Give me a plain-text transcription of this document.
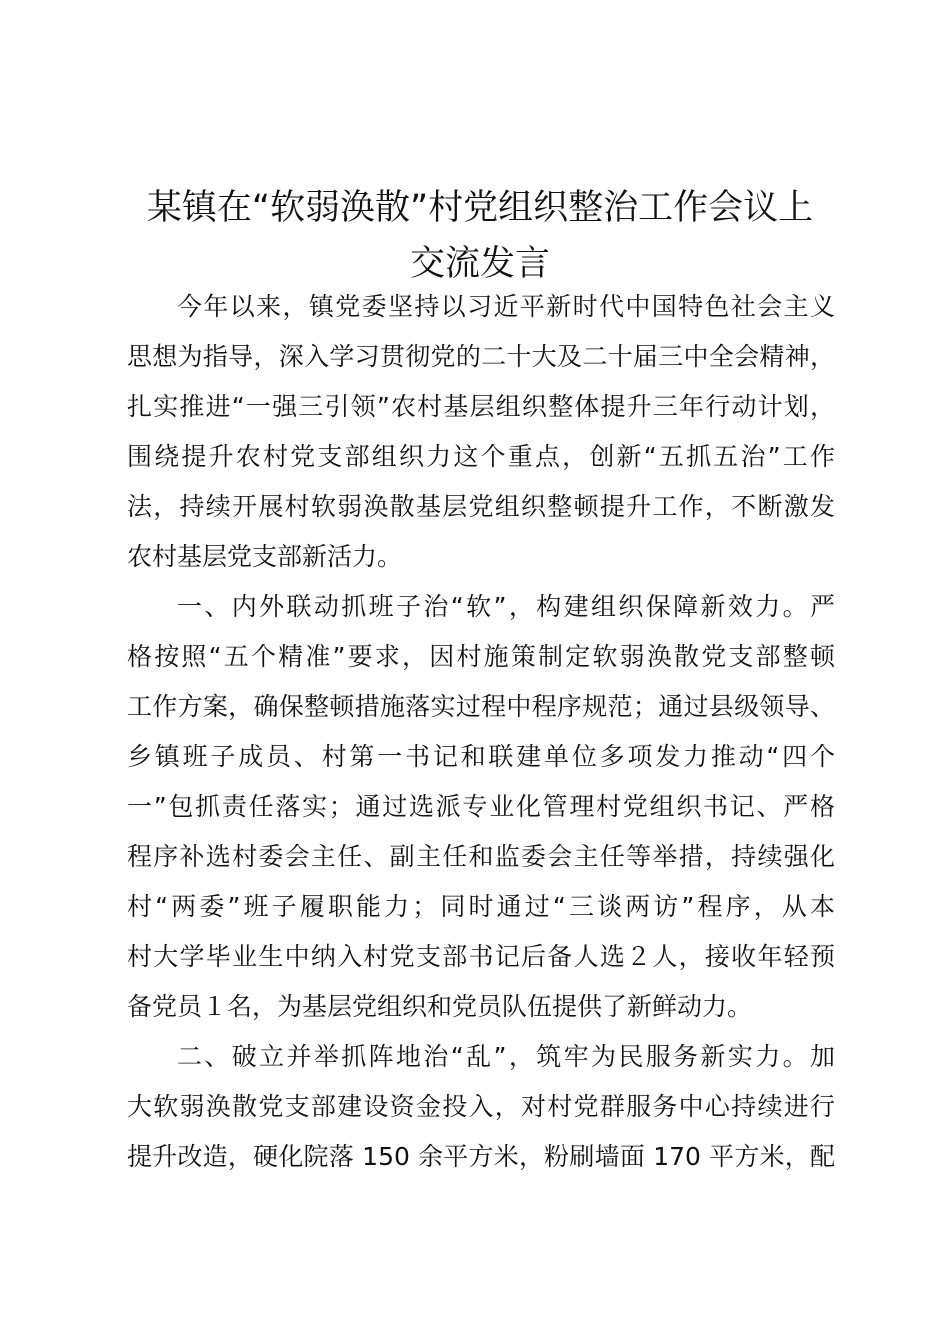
某镇在“软弱涣散”村党组织整治工作会议上
交流发言

今年以来，镇党委坚持以习近平新时代中国特色社会主义
思想为指导，深入学习贯彻党的二十大及二十届三中全会精神，
扎实推进“一强三引领”农村基层组织整体提升三年行动计划，
围绕提升农村党支部组织力这个重点，创新“五抓五治”工作
法，持续开展村软弱涣散基层党组织整顿提升工作，不断激发
农村基层党支部新活力。

一、内外联动抓班子治“软”，构建组织保障新效力。严
格按照“五个精准”要求，因村施策制定软弱涣散党支部整顿
工作方案，确保整顿措施落实过程中程序规范；通过县级领导、
乡镇班子成员、村第一书记和联建单位多项发力推动“四个
一”包抓责任落实；通过选派专业化管理村党组织书记、严格
程序补选村委会主任、副主任和监委会主任等举措，持续强化
村“两委”班子履职能力；同时通过“三谈两访”程序，从本
村大学毕业生中纳入村党支部书记后备人选２人，接收年轻预
备党员１名，为基层党组织和党员队伍提供了新鲜动力。

二、破立并举抓阵地治“乱”，筑牢为民服务新实力。加
大软弱涣散党支部建设资金投入，对村党群服务中心持续进行
提升改造，硬化院落 150 余平方米，粉刷墙面 170 平方米，配
